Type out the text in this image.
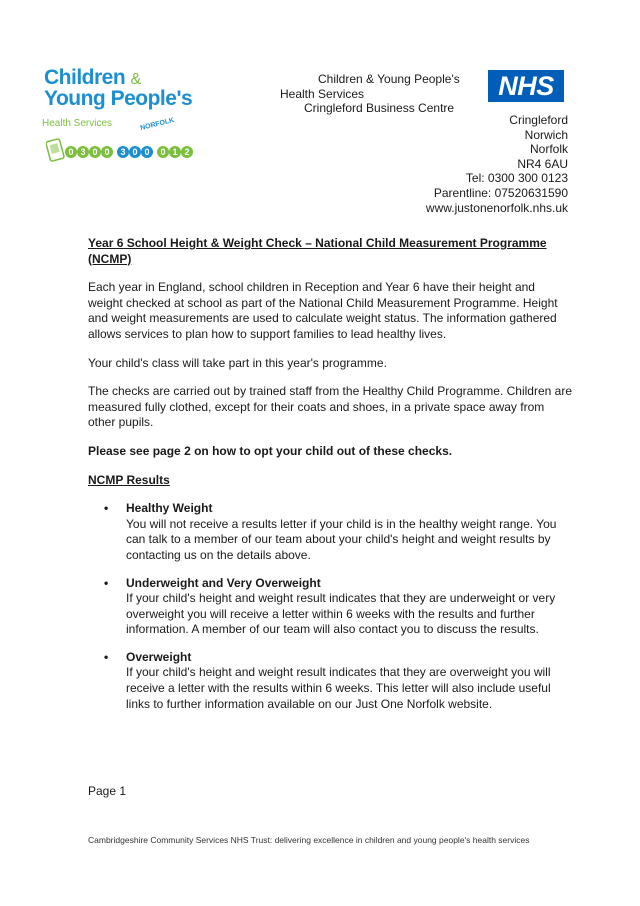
Children &
Young People's
Health Services	NORFOLK
0 3 0 0 3 0 0 0 1 2
Children & Young People's
Health Services
Cringleford Business Centre
NHS
Cringleford
Norwich
Norfolk
NR4 6AU
Tel: 0300 300 0123
Parentline: 07520631590
www.justonenorfolk.nhs.uk
Year 6 School Height & Weight Check – National Child Measurement Programme (NCMP)

Each year in England, school children in Reception and Year 6 have their height and weight checked at school as part of the National Child Measurement Programme. Height and weight measurements are used to calculate weight status. The information gathered allows services to plan how to support families to lead healthy lives.

Your child's class will take part in this year's programme.

The checks are carried out by trained staff from the Healthy Child Programme. Children are measured fully clothed, except for their coats and shoes, in a private space away from other pupils.

Please see page 2 on how to opt your child out of these checks.

NCMP Results
• Healthy Weight
You will not receive a results letter if your child is in the healthy weight range. You can talk to a member of our team about your child's height and weight results by contacting us on the details above.
• Underweight and Very Overweight
If your child's height and weight result indicates that they are underweight or very overweight you will receive a letter within 6 weeks with the results and further information. A member of our team will also contact you to discuss the results.
• Overweight
If your child's height and weight result indicates that they are overweight you will receive a letter with the results within 6 weeks. This letter will also include useful links to further information available on our Just One Norfolk website.
Page 1
Cambridgeshire Community Services NHS Trust: delivering excellence in children and young people's health services
